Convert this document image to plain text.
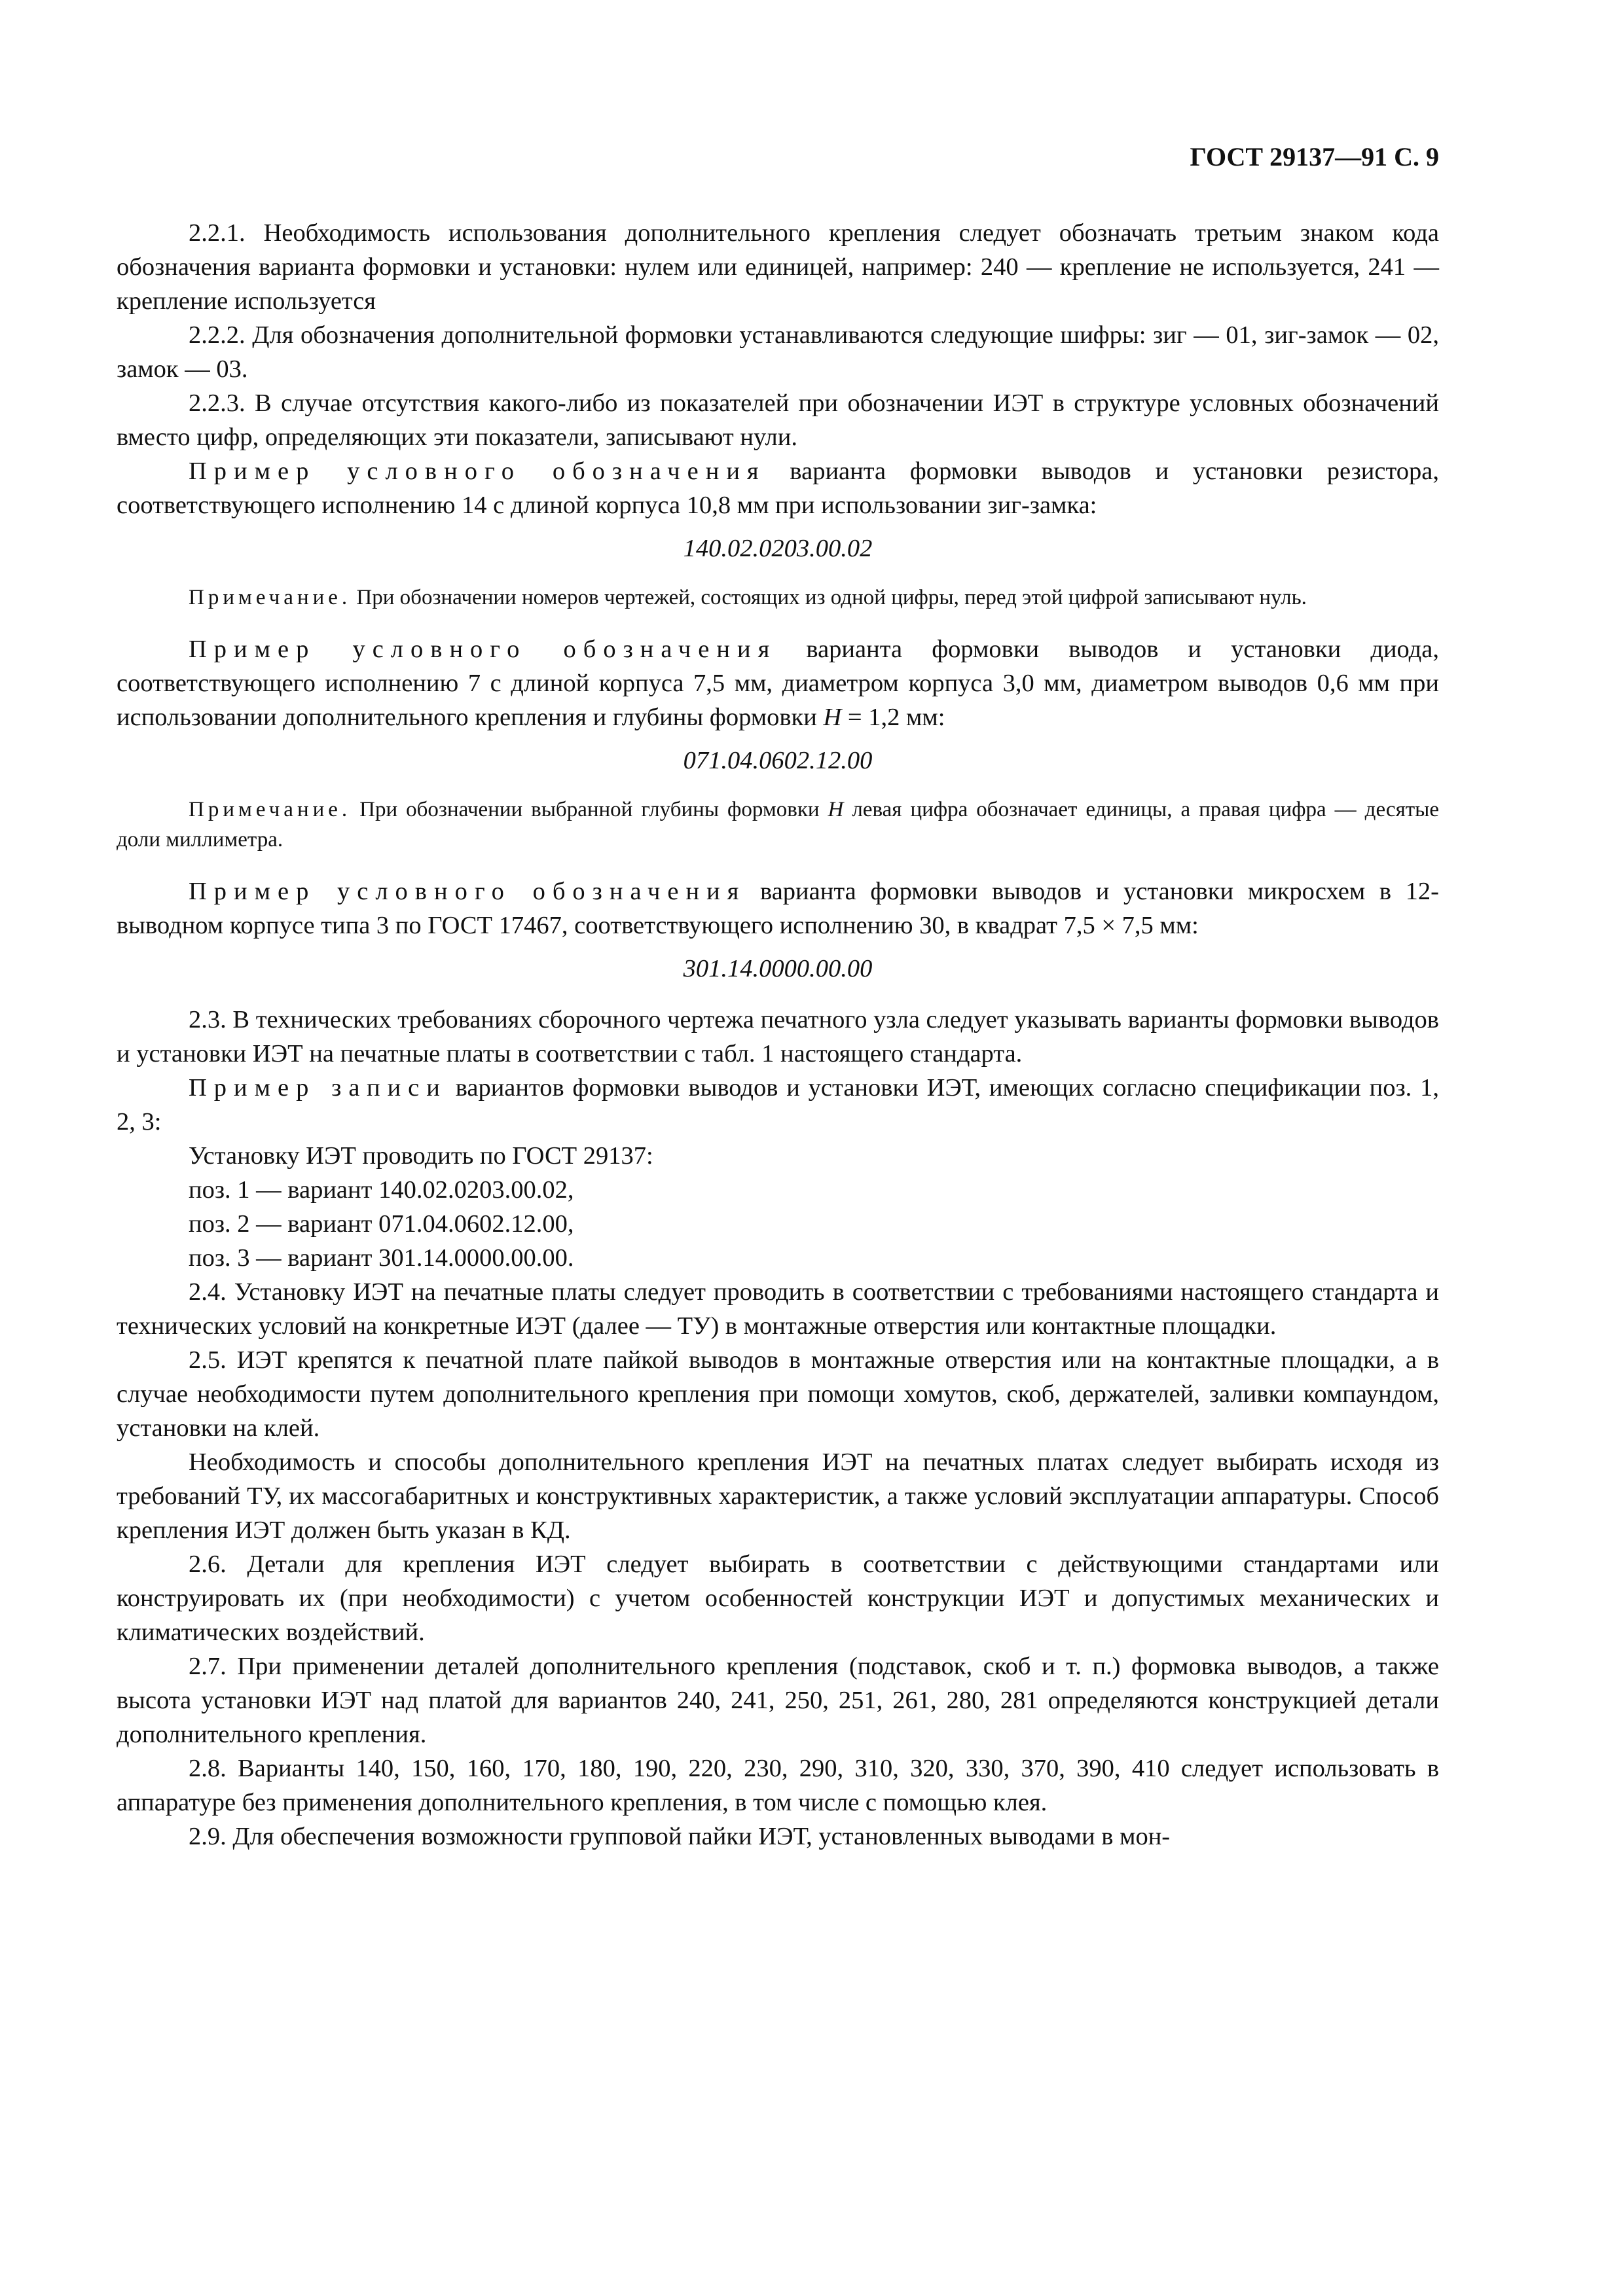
ГОСТ 29137—91 С. 9

2.2.1. Необходимость использования дополнительного крепления следует обозначать третьим знаком кода обозначения варианта формовки и установки: нулем или единицей, например: 240 — крепление не используется, 241 — крепление используется

2.2.2. Для обозначения дополнительной формовки устанавливаются следующие шифры: зиг — 01, зиг-замок — 02, замок — 03.

2.2.3. В случае отсутствия какого-либо из показателей при обозначении ИЭТ в структуре условных обозначений вместо цифр, определяющих эти показатели, записывают нули.

Пример условного обозначения варианта формовки выводов и установки резистора, соответствующего исполнению 14 с длиной корпуса 10,8 мм при использовании зиг-замка:

140.02.0203.00.02

Примечание. При обозначении номеров чертежей, состоящих из одной цифры, перед этой цифрой записывают нуль.

Пример условного обозначения варианта формовки выводов и установки диода, соответствующего исполнению 7 с длиной корпуса 7,5 мм, диаметром корпуса 3,0 мм, диаметром выводов 0,6 мм при использовании дополнительного крепления и глубины формовки H = 1,2 мм:

071.04.0602.12.00

Примечание. При обозначении выбранной глубины формовки H левая цифра обозначает единицы, а правая цифра — десятые доли миллиметра.

Пример условного обозначения варианта формовки выводов и установки микросхем в 12-выводном корпусе типа 3 по ГОСТ 17467, соответствующего исполнению 30, в квадрат 7,5 × 7,5 мм:

301.14.0000.00.00

2.3. В технических требованиях сборочного чертежа печатного узла следует указывать варианты формовки выводов и установки ИЭТ на печатные платы в соответствии с табл. 1 настоящего стандарта.

Пример записи вариантов формовки выводов и установки ИЭТ, имеющих согласно спецификации поз. 1, 2, 3:

Установку ИЭТ проводить по ГОСТ 29137:

поз. 1 — вариант 140.02.0203.00.02,

поз. 2 — вариант 071.04.0602.12.00,

поз. 3 — вариант 301.14.0000.00.00.

2.4. Установку ИЭТ на печатные платы следует проводить в соответствии с требованиями настоящего стандарта и технических условий на конкретные ИЭТ (далее — ТУ) в монтажные отверстия или контактные площадки.

2.5. ИЭТ крепятся к печатной плате пайкой выводов в монтажные отверстия или на контактные площадки, а в случае необходимости путем дополнительного крепления при помощи хомутов, скоб, держателей, заливки компаундом, установки на клей.

Необходимость и способы дополнительного крепления ИЭТ на печатных платах следует выбирать исходя из требований ТУ, их массогабаритных и конструктивных характеристик, а также условий эксплуатации аппаратуры. Способ крепления ИЭТ должен быть указан в КД.

2.6. Детали для крепления ИЭТ следует выбирать в соответствии с действующими стандартами или конструировать их (при необходимости) с учетом особенностей конструкции ИЭТ и допустимых механических и климатических воздействий.

2.7. При применении деталей дополнительного крепления (подставок, скоб и т. п.) формовка выводов, а также высота установки ИЭТ над платой для вариантов 240, 241, 250, 251, 261, 280, 281 определяются конструкцией детали дополнительного крепления.

2.8. Варианты 140, 150, 160, 170, 180, 190, 220, 230, 290, 310, 320, 330, 370, 390, 410 следует использовать в аппаратуре без применения дополнительного крепления, в том числе с помощью клея.

2.9. Для обеспечения возможности групповой пайки ИЭТ, установленных выводами в мон-
